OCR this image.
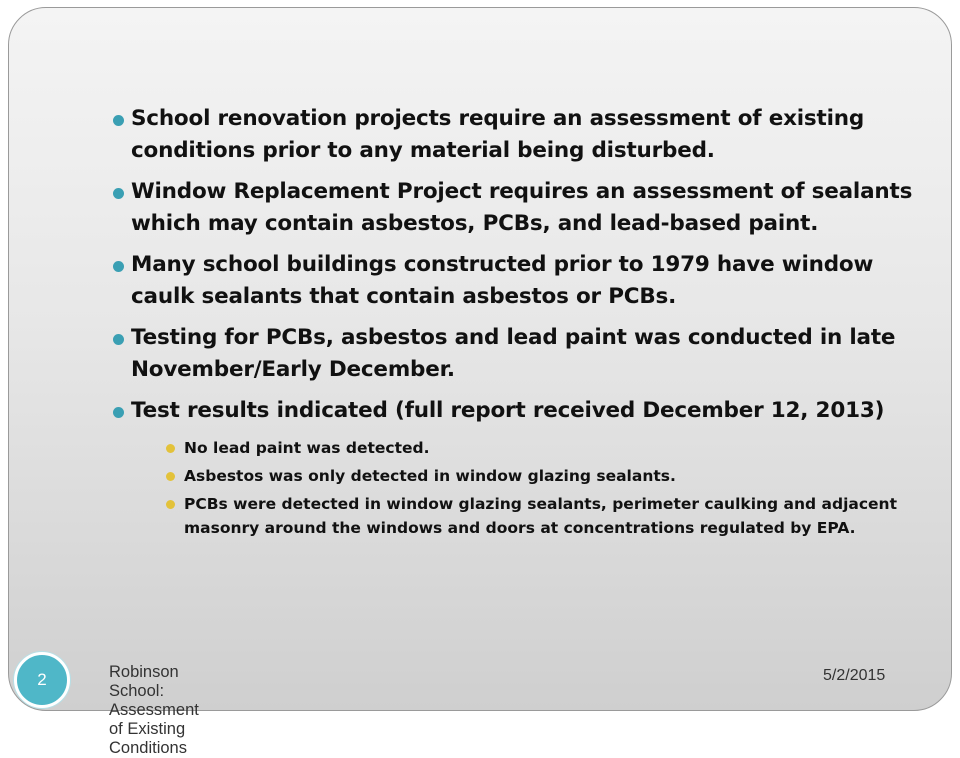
School renovation projects require an assessment of existing conditions prior to any material being disturbed.
Window Replacement Project requires an assessment of sealants which may contain asbestos, PCBs, and lead-based paint.
Many school buildings constructed prior to 1979 have window caulk sealants that contain asbestos or PCBs.
Testing for PCBs, asbestos and lead paint was conducted in late November/Early December.
Test results indicated (full report received December 12, 2013)
No lead paint was detected.
Asbestos was only detected in window glazing sealants.
PCBs were detected in window glazing sealants, perimeter caulking and adjacent masonry around the windows and doors at concentrations regulated by EPA.
2	Robinson School: Assessment of Existing Conditions
5/2/2015
